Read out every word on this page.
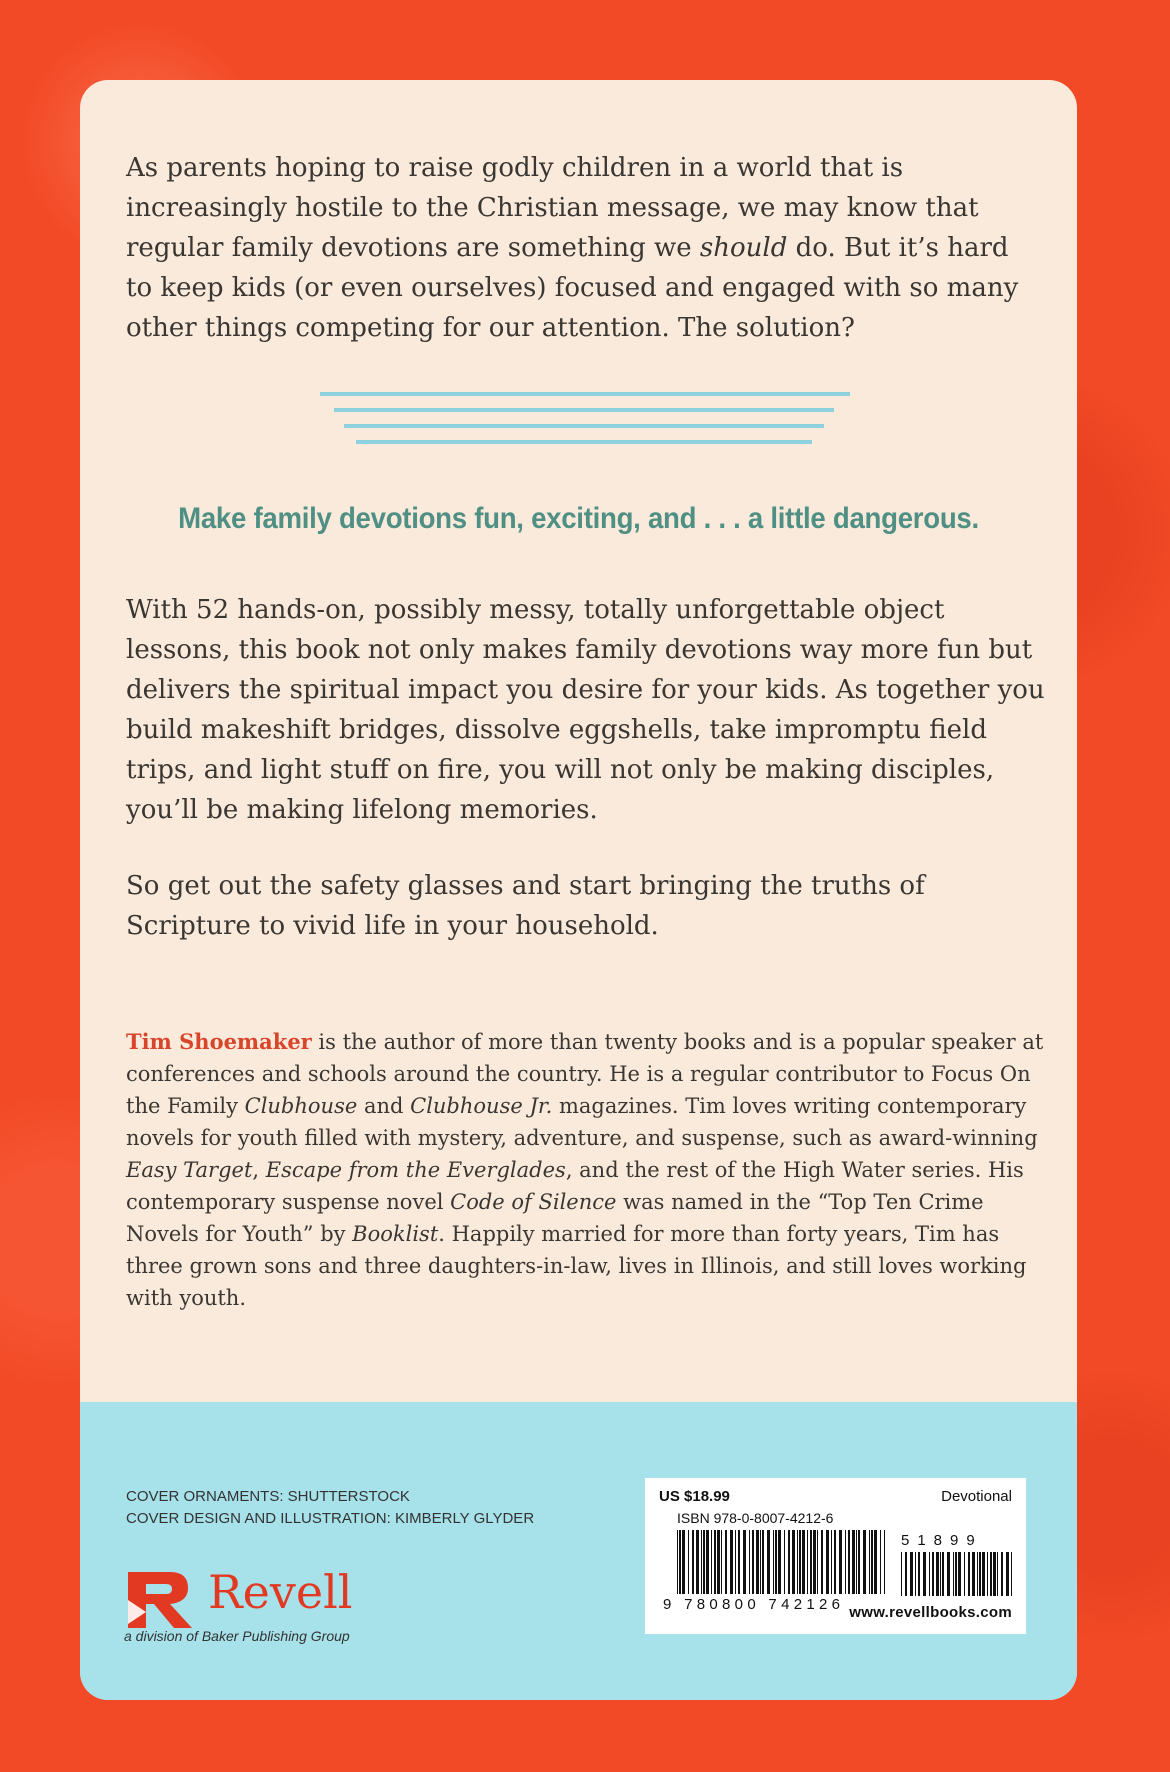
As parents hoping to raise godly children in a world that is increasingly hostile to the Christian message, we may know that regular family devotions are something we should do. But it’s hard to keep kids (or even ourselves) focused and engaged with so many other things competing for our attention. The solution?

Make family devotions fun, exciting, and . . . a little dangerous.

With 52 hands-on, possibly messy, totally unforgettable object lessons, this book not only makes family devotions way more fun but delivers the spiritual impact you desire for your kids. As together you build makeshift bridges, dissolve eggshells, take impromptu field trips, and light stuff on fire, you will not only be making disciples, you’ll be making lifelong memories.

So get out the safety glasses and start bringing the truths of Scripture to vivid life in your household.

Tim Shoemaker is the author of more than twenty books and is a popular speaker at conferences and schools around the country. He is a regular contributor to Focus On the Family Clubhouse and Clubhouse Jr. magazines. Tim loves writing contemporary novels for youth filled with mystery, adventure, and suspense, such as award-winning Easy Target, Escape from the Everglades, and the rest of the High Water series. His contemporary suspense novel Code of Silence was named in the “Top Ten Crime Novels for Youth” by Booklist. Happily married for more than forty years, Tim has three grown sons and three daughters-in-law, lives in Illinois, and still loves working with youth.

COVER ORNAMENTS: SHUTTERSTOCK
COVER DESIGN AND ILLUSTRATION: KIMBERLY GLYDER

Revell
a division of Baker Publishing Group
US $18.99	Devotional
ISBN 978-0-8007-4212-6
51899
9 780800 742126 www.revellbooks.com
